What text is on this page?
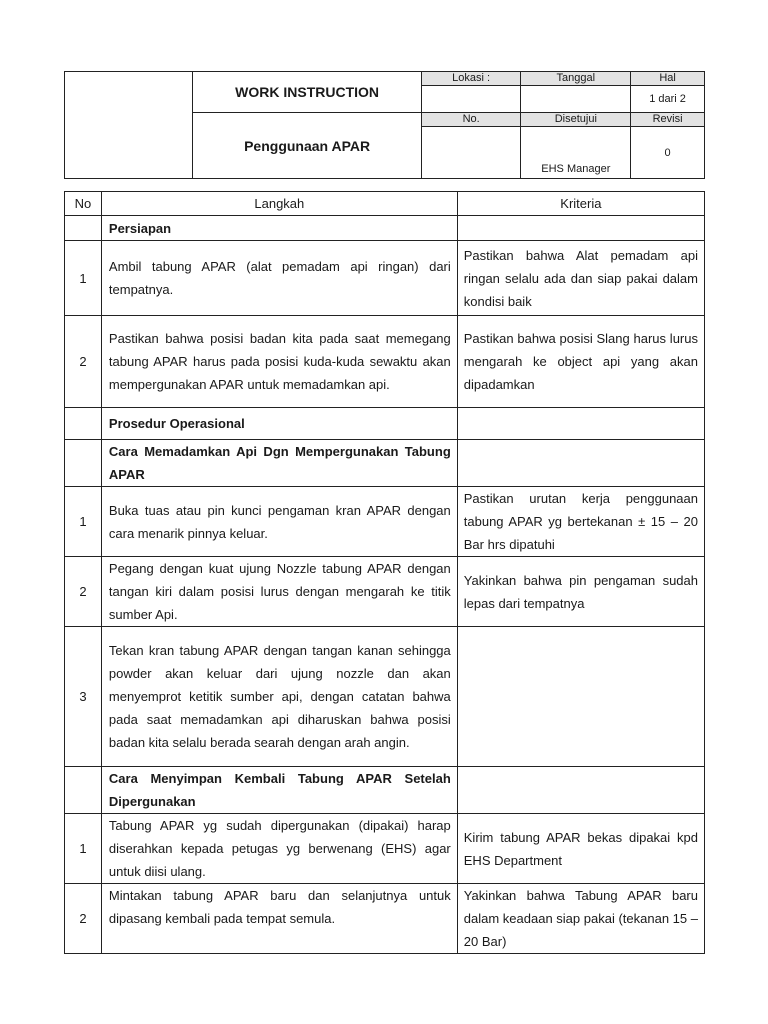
	WORK INSTRUCTION	Lokasi :	Tanggal	Hal
				1 dari 2
	Penggunaan APAR	No.	Disetujui	Revisi
			EHS Manager	0
No	Langkah	Kriteria
	Persiapan	
1	Ambil tabung APAR (alat pemadam api ringan) dari tempatnya.	Pastikan bahwa Alat pemadam api ringan selalu ada dan siap pakai dalam kondisi baik
2	Pastikan bahwa posisi badan kita pada saat memegang tabung APAR harus pada posisi kuda-kuda sewaktu akan mempergunakan APAR untuk memadamkan api.	Pastikan bahwa posisi Slang harus lurus mengarah ke object api yang akan dipadamkan
	Prosedur Operasional	
	Cara Memadamkan Api Dgn Mempergunakan Tabung APAR	
1	Buka tuas atau pin kunci pengaman kran APAR dengan cara menarik pinnya keluar.	Pastikan urutan kerja penggunaan tabung APAR yg bertekanan ± 15 – 20 Bar hrs dipatuhi
2	Pegang dengan kuat ujung Nozzle tabung APAR dengan tangan kiri dalam posisi lurus dengan mengarah ke titik sumber Api.	Yakinkan bahwa pin pengaman sudah lepas dari tempatnya
3	Tekan kran tabung APAR dengan tangan kanan sehingga powder akan keluar dari ujung nozzle dan akan menyemprot ketitik sumber api, dengan catatan bahwa pada saat memadamkan api diharuskan bahwa posisi badan kita selalu berada searah dengan arah angin.	
	Cara Menyimpan Kembali Tabung APAR Setelah Dipergunakan	
1	Tabung APAR yg sudah dipergunakan (dipakai) harap diserahkan kepada petugas yg berwenang (EHS) agar untuk diisi ulang.	Kirim tabung APAR bekas dipakai kpd EHS Department
2	Mintakan tabung APAR baru dan selanjutnya untuk dipasang kembali pada tempat semula.	Yakinkan bahwa Tabung APAR baru dalam keadaan siap pakai (tekanan 15 – 20 Bar)
